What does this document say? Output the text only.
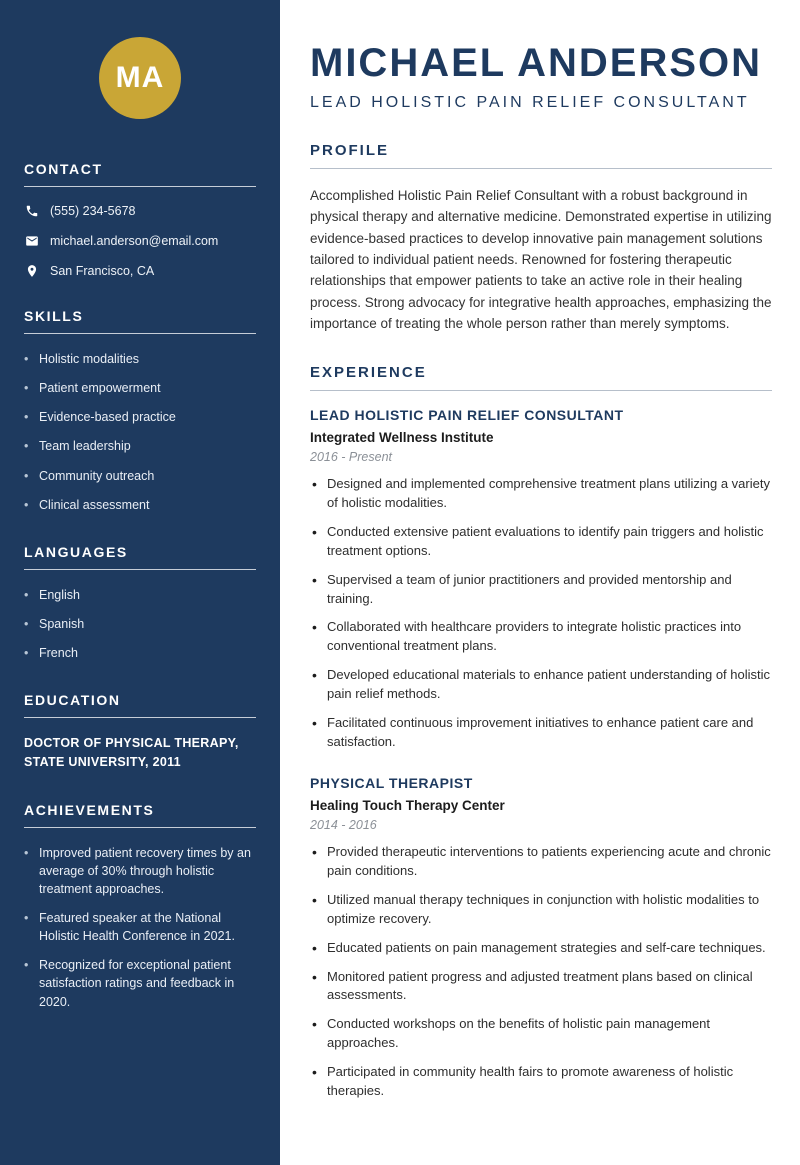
MA
CONTACT
(555) 234-5678
michael.anderson@email.com
San Francisco, CA
SKILLS
• Holistic modalities
• Patient empowerment
• Evidence-based practice
• Team leadership
• Community outreach
• Clinical assessment
LANGUAGES
• English
• Spanish
• French
EDUCATION
DOCTOR OF PHYSICAL THERAPY, STATE UNIVERSITY, 2011
ACHIEVEMENTS
• Improved patient recovery times by an average of 30% through holistic treatment approaches.
• Featured speaker at the National Holistic Health Conference in 2021.
• Recognized for exceptional patient satisfaction ratings and feedback in 2020.
MICHAEL ANDERSON
LEAD HOLISTIC PAIN RELIEF CONSULTANT
PROFILE

Accomplished Holistic Pain Relief Consultant with a robust background in physical therapy and alternative medicine. Demonstrated expertise in utilizing evidence-based practices to develop innovative pain management solutions tailored to individual patient needs. Renowned for fostering therapeutic relationships that empower patients to take an active role in their healing process. Strong advocacy for integrative health approaches, emphasizing the importance of treating the whole person rather than merely symptoms.

EXPERIENCE
LEAD HOLISTIC PAIN RELIEF CONSULTANT
Integrated Wellness Institute
2016 - Present
• Designed and implemented comprehensive treatment plans utilizing a variety of holistic modalities.
• Conducted extensive patient evaluations to identify pain triggers and holistic treatment options.
• Supervised a team of junior practitioners and provided mentorship and training.
• Collaborated with healthcare providers to integrate holistic practices into conventional treatment plans.
• Developed educational materials to enhance patient understanding of holistic pain relief methods.
• Facilitated continuous improvement initiatives to enhance patient care and satisfaction.
PHYSICAL THERAPIST
Healing Touch Therapy Center
2014 - 2016
• Provided therapeutic interventions to patients experiencing acute and chronic pain conditions.
• Utilized manual therapy techniques in conjunction with holistic modalities to optimize recovery.
• Educated patients on pain management strategies and self-care techniques.
• Monitored patient progress and adjusted treatment plans based on clinical assessments.
• Conducted workshops on the benefits of holistic pain management approaches.
• Participated in community health fairs to promote awareness of holistic therapies.
